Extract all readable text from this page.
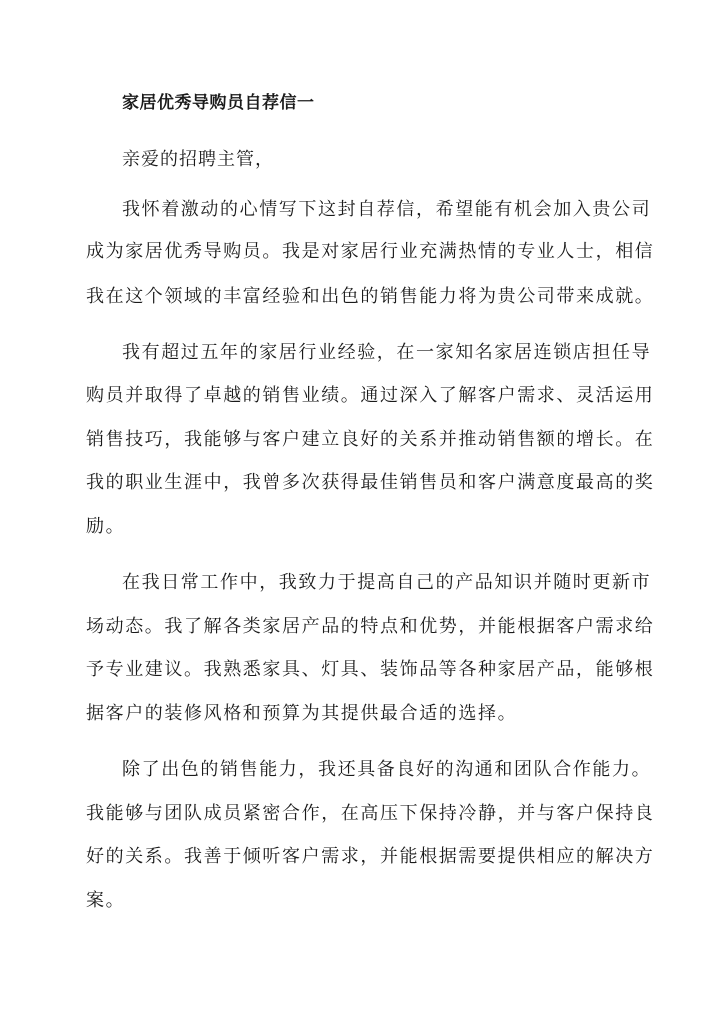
家居优秀导购员自荐信一

亲爱的招聘主管，

我怀着激动的心情写下这封自荐信，希望能有机会加入贵公司

成为家居优秀导购员。我是对家居行业充满热情的专业人士，相信

我在这个领域的丰富经验和出色的销售能力将为贵公司带来成就。

我有超过五年的家居行业经验，在一家知名家居连锁店担任导

购员并取得了卓越的销售业绩。通过深入了解客户需求、灵活运用

销售技巧，我能够与客户建立良好的关系并推动销售额的增长。在

我的职业生涯中，我曾多次获得最佳销售员和客户满意度最高的奖

励。

在我日常工作中，我致力于提高自己的产品知识并随时更新市

场动态。我了解各类家居产品的特点和优势，并能根据客户需求给

予专业建议。我熟悉家具、灯具、装饰品等各种家居产品，能够根

据客户的装修风格和预算为其提供最合适的选择。

除了出色的销售能力，我还具备良好的沟通和团队合作能力。

我能够与团队成员紧密合作，在高压下保持冷静，并与客户保持良

好的关系。我善于倾听客户需求，并能根据需要提供相应的解决方

案。
